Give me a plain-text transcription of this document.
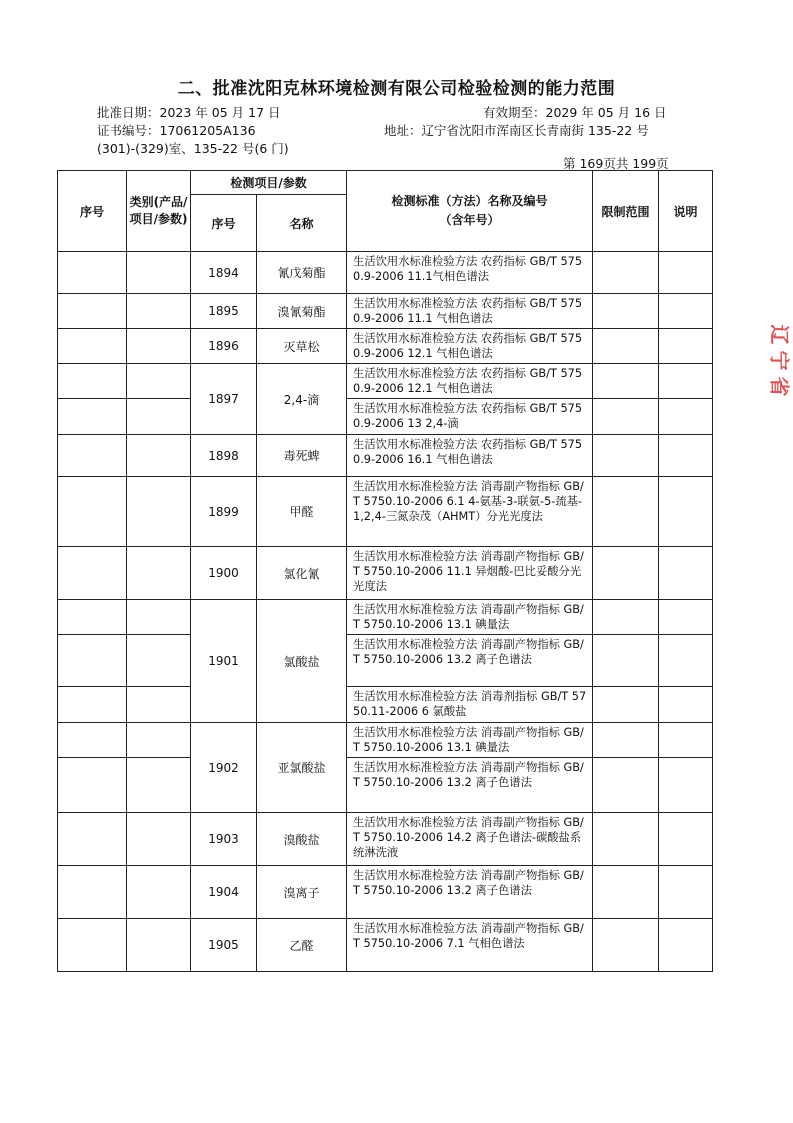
二、批准沈阳克林环境检测有限公司检验检测的能力范围
批准日期：2023 年 05 月 17 日	有效期至：2029 年 05 月 16 日
证书编号：17061205A136	地址：辽宁省沈阳市浑南区长青南街 135-22 号
(301)-(329)室、135-22 号(6 门)
第 169页共 199页
辽
宁
省
序号	类别(产品/项目/参数)	检测项目/参数		检测标准（方法）名称及编号（含年号）	限制范围	说明
		序号	名称			
		1894	氰戊菊酯	生活饮用水标准检验方法 农药指标 GB/T 5750.9-2006 11.1气相色谱法		
		1895	溴氰菊酯	生活饮用水标准检验方法 农药指标 GB/T 5750.9-2006 11.1 气相色谱法		
		1896	灭草松	生活饮用水标准检验方法 农药指标 GB/T 5750.9-2006 12.1 气相色谱法		
		1897	2,4-滴	生活饮用水标准检验方法 农药指标 GB/T 5750.9-2006 12.1 气相色谱法		
				生活饮用水标准检验方法 农药指标 GB/T 5750.9-2006 13 2,4-滴		
		1898	毒死蜱	生活饮用水标准检验方法 农药指标 GB/T 5750.9-2006 16.1 气相色谱法		
		1899	甲醛	生活饮用水标准检验方法 消毒副产物指标 GB/T 5750.10-2006 6.1 4-氨基-3-联氨-5-巯基-1,2,4-三氮杂茂（AHMT）分光光度法		
		1900	氯化氰	生活饮用水标准检验方法 消毒副产物指标 GB/T 5750.10-2006 11.1 异烟酸-巴比妥酸分光光度法		
		1901	氯酸盐	生活饮用水标准检验方法 消毒副产物指标 GB/T 5750.10-2006 13.1 碘量法		
				生活饮用水标准检验方法 消毒副产物指标 GB/T 5750.10-2006 13.2 离子色谱法		
				生活饮用水标准检验方法 消毒剂指标 GB/T 5750.11-2006 6 氯酸盐		
		1902	亚氯酸盐	生活饮用水标准检验方法 消毒副产物指标 GB/T 5750.10-2006 13.1 碘量法		
				生活饮用水标准检验方法 消毒副产物指标 GB/T 5750.10-2006 13.2 离子色谱法		
		1903	溴酸盐	生活饮用水标准检验方法 消毒副产物指标 GB/T 5750.10-2006 14.2 离子色谱法-碳酸盐系统淋洗液		
		1904	溴离子	生活饮用水标准检验方法 消毒副产物指标 GB/T 5750.10-2006 13.2 离子色谱法		
		1905	乙醛	生活饮用水标准检验方法 消毒副产物指标 GB/T 5750.10-2006 7.1 气相色谱法		
